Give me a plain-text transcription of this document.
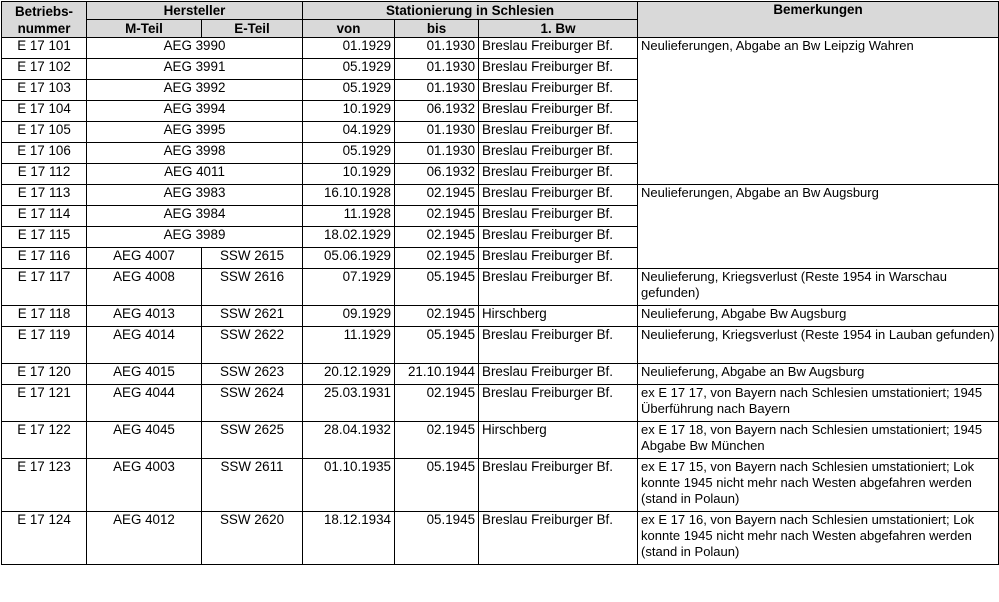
Betriebs- nummer	Hersteller		Stationierung in Schlesien			Bemerkungen
	M-Teil	E-Teil	von	bis	1. Bw	
E 17 101	AEG 3990		01.1929	01.1930	Breslau Freiburger Bf.	Neulieferungen, Abgabe an Bw Leipzig Wahren
E 17 102	AEG 3991		05.1929	01.1930	Breslau Freiburger Bf.	
E 17 103	AEG 3992		05.1929	01.1930	Breslau Freiburger Bf.	
E 17 104	AEG 3994		10.1929	06.1932	Breslau Freiburger Bf.	
E 17 105	AEG 3995		04.1929	01.1930	Breslau Freiburger Bf.	
E 17 106	AEG 3998		05.1929	01.1930	Breslau Freiburger Bf.	
E 17 112	AEG 4011		10.1929	06.1932	Breslau Freiburger Bf.	
E 17 113	AEG 3983		16.10.1928	02.1945	Breslau Freiburger Bf.	Neulieferungen, Abgabe an Bw Augsburg
E 17 114	AEG 3984		11.1928	02.1945	Breslau Freiburger Bf.	
E 17 115	AEG 3989		18.02.1929	02.1945	Breslau Freiburger Bf.	
E 17 116	AEG 4007	SSW 2615	05.06.1929	02.1945	Breslau Freiburger Bf.	
E 17 117	AEG 4008	SSW 2616	07.1929	05.1945	Breslau Freiburger Bf.	Neulieferung, Kriegsverlust (Reste 1954 in Warschau gefunden)
E 17 118	AEG 4013	SSW 2621	09.1929	02.1945	Hirschberg	Neulieferung, Abgabe Bw Augsburg
E 17 119	AEG 4014	SSW 2622	11.1929	05.1945	Breslau Freiburger Bf.	Neulieferung, Kriegsverlust (Reste 1954 in Lauban gefunden)
E 17 120	AEG 4015	SSW 2623	20.12.1929	21.10.1944	Breslau Freiburger Bf.	Neulieferung, Abgabe an Bw Augsburg
E 17 121	AEG 4044	SSW 2624	25.03.1931	02.1945	Breslau Freiburger Bf.	ex E 17 17, von Bayern nach Schlesien umstationiert; 1945 Überführung nach Bayern
E 17 122	AEG 4045	SSW 2625	28.04.1932	02.1945	Hirschberg	ex E 17 18, von Bayern nach Schlesien umstationiert; 1945 Abgabe Bw München
E 17 123	AEG 4003	SSW 2611	01.10.1935	05.1945	Breslau Freiburger Bf.	ex E 17 15, von Bayern nach Schlesien umstationiert; Lok konnte 1945 nicht mehr nach Westen abgefahren werden (stand in Polaun)
E 17 124	AEG 4012	SSW 2620	18.12.1934	05.1945	Breslau Freiburger Bf.	ex E 17 16, von Bayern nach Schlesien umstationiert; Lok konnte 1945 nicht mehr nach Westen abgefahren werden (stand in Polaun)
